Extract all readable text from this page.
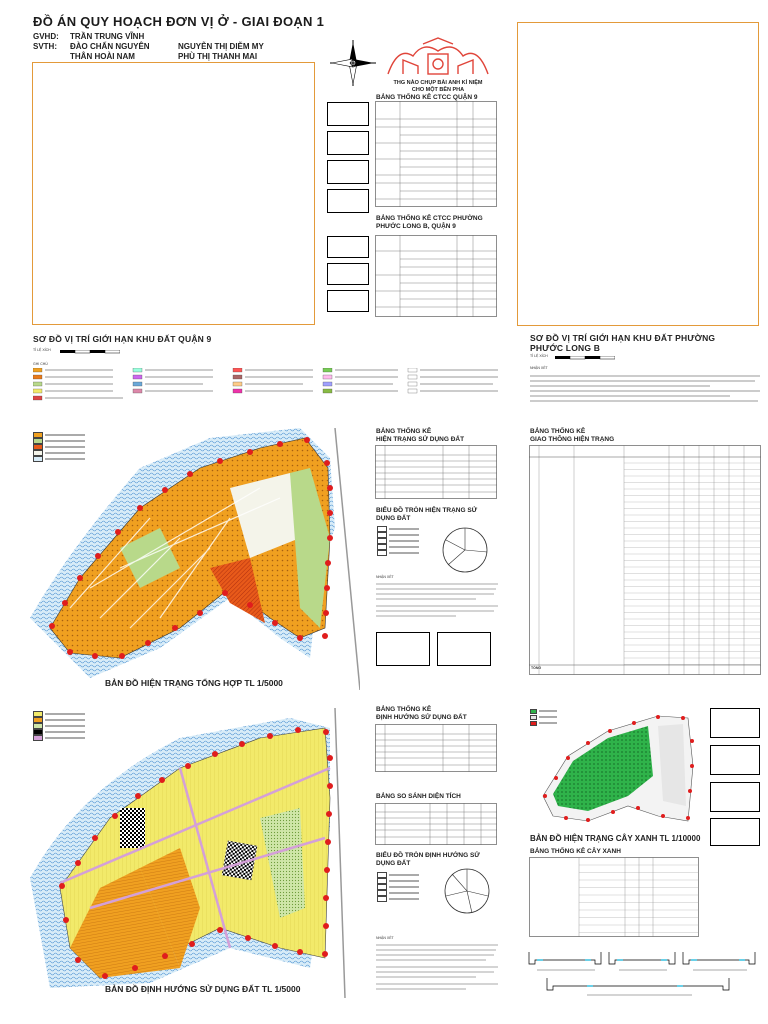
ĐỒ ÁN QUY HOẠCH ĐƠN VỊ Ở - GIAI ĐOẠN 1
GVHD: TRẦN TRUNG VĨNH
SVTH: ĐÀO CHẤN NGUYÊN
THÂN HOÀI NAM
NGUYỄN THỊ DIỄM MY
PHÙ THỊ THANH MAI
THG NÀO CHỤP BÀI ANH KỈ NIỆM
CHO MỘT BÊN PHA
BẢNG THỐNG KÊ CTCC QUẬN 9
BẢNG THỐNG KÊ CTCC PHƯỜNG
PHƯỚC LONG B, QUẬN 9
SƠ ĐỒ VỊ TRÍ GIỚI HẠN KHU ĐẤT QUẬN 9
TỈ LỆ XÍCH
GHI CHÚ
SƠ ĐỒ VỊ TRÍ GIỚI HẠN KHU ĐẤT PHƯỜNG
PHƯỚC LONG B
TỈ LỆ XÍCH
NHẬN XÉT
BẢN ĐỒ HIỆN TRẠNG TỔNG HỢP TL 1/5000
BẢNG THỐNG KÊ
HIỆN TRẠNG SỬ DỤNG ĐẤT
BIỂU ĐỒ TRÒN HIỆN TRẠNG SỬ
DỤNG ĐẤT
NHẬN XÉT
BẢNG THỐNG KÊ
GIAO THÔNG HIỆN TRẠNG
TỔNG
BẢN ĐỒ ĐỊNH HƯỚNG SỬ DỤNG ĐẤT TL 1/5000
BẢNG THỐNG KÊ
ĐỊNH HƯỚNG SỬ DỤNG ĐẤT
BẢNG SO SÁNH DIỆN TÍCH
BIỂU ĐỒ TRÒN ĐỊNH HƯỚNG SỬ
DỤNG ĐẤT
NHẬN XÉT
BẢN ĐỒ HIỆN TRẠNG CÂY XANH TL 1/10000
BẢNG THỐNG KÊ CÂY XANH
